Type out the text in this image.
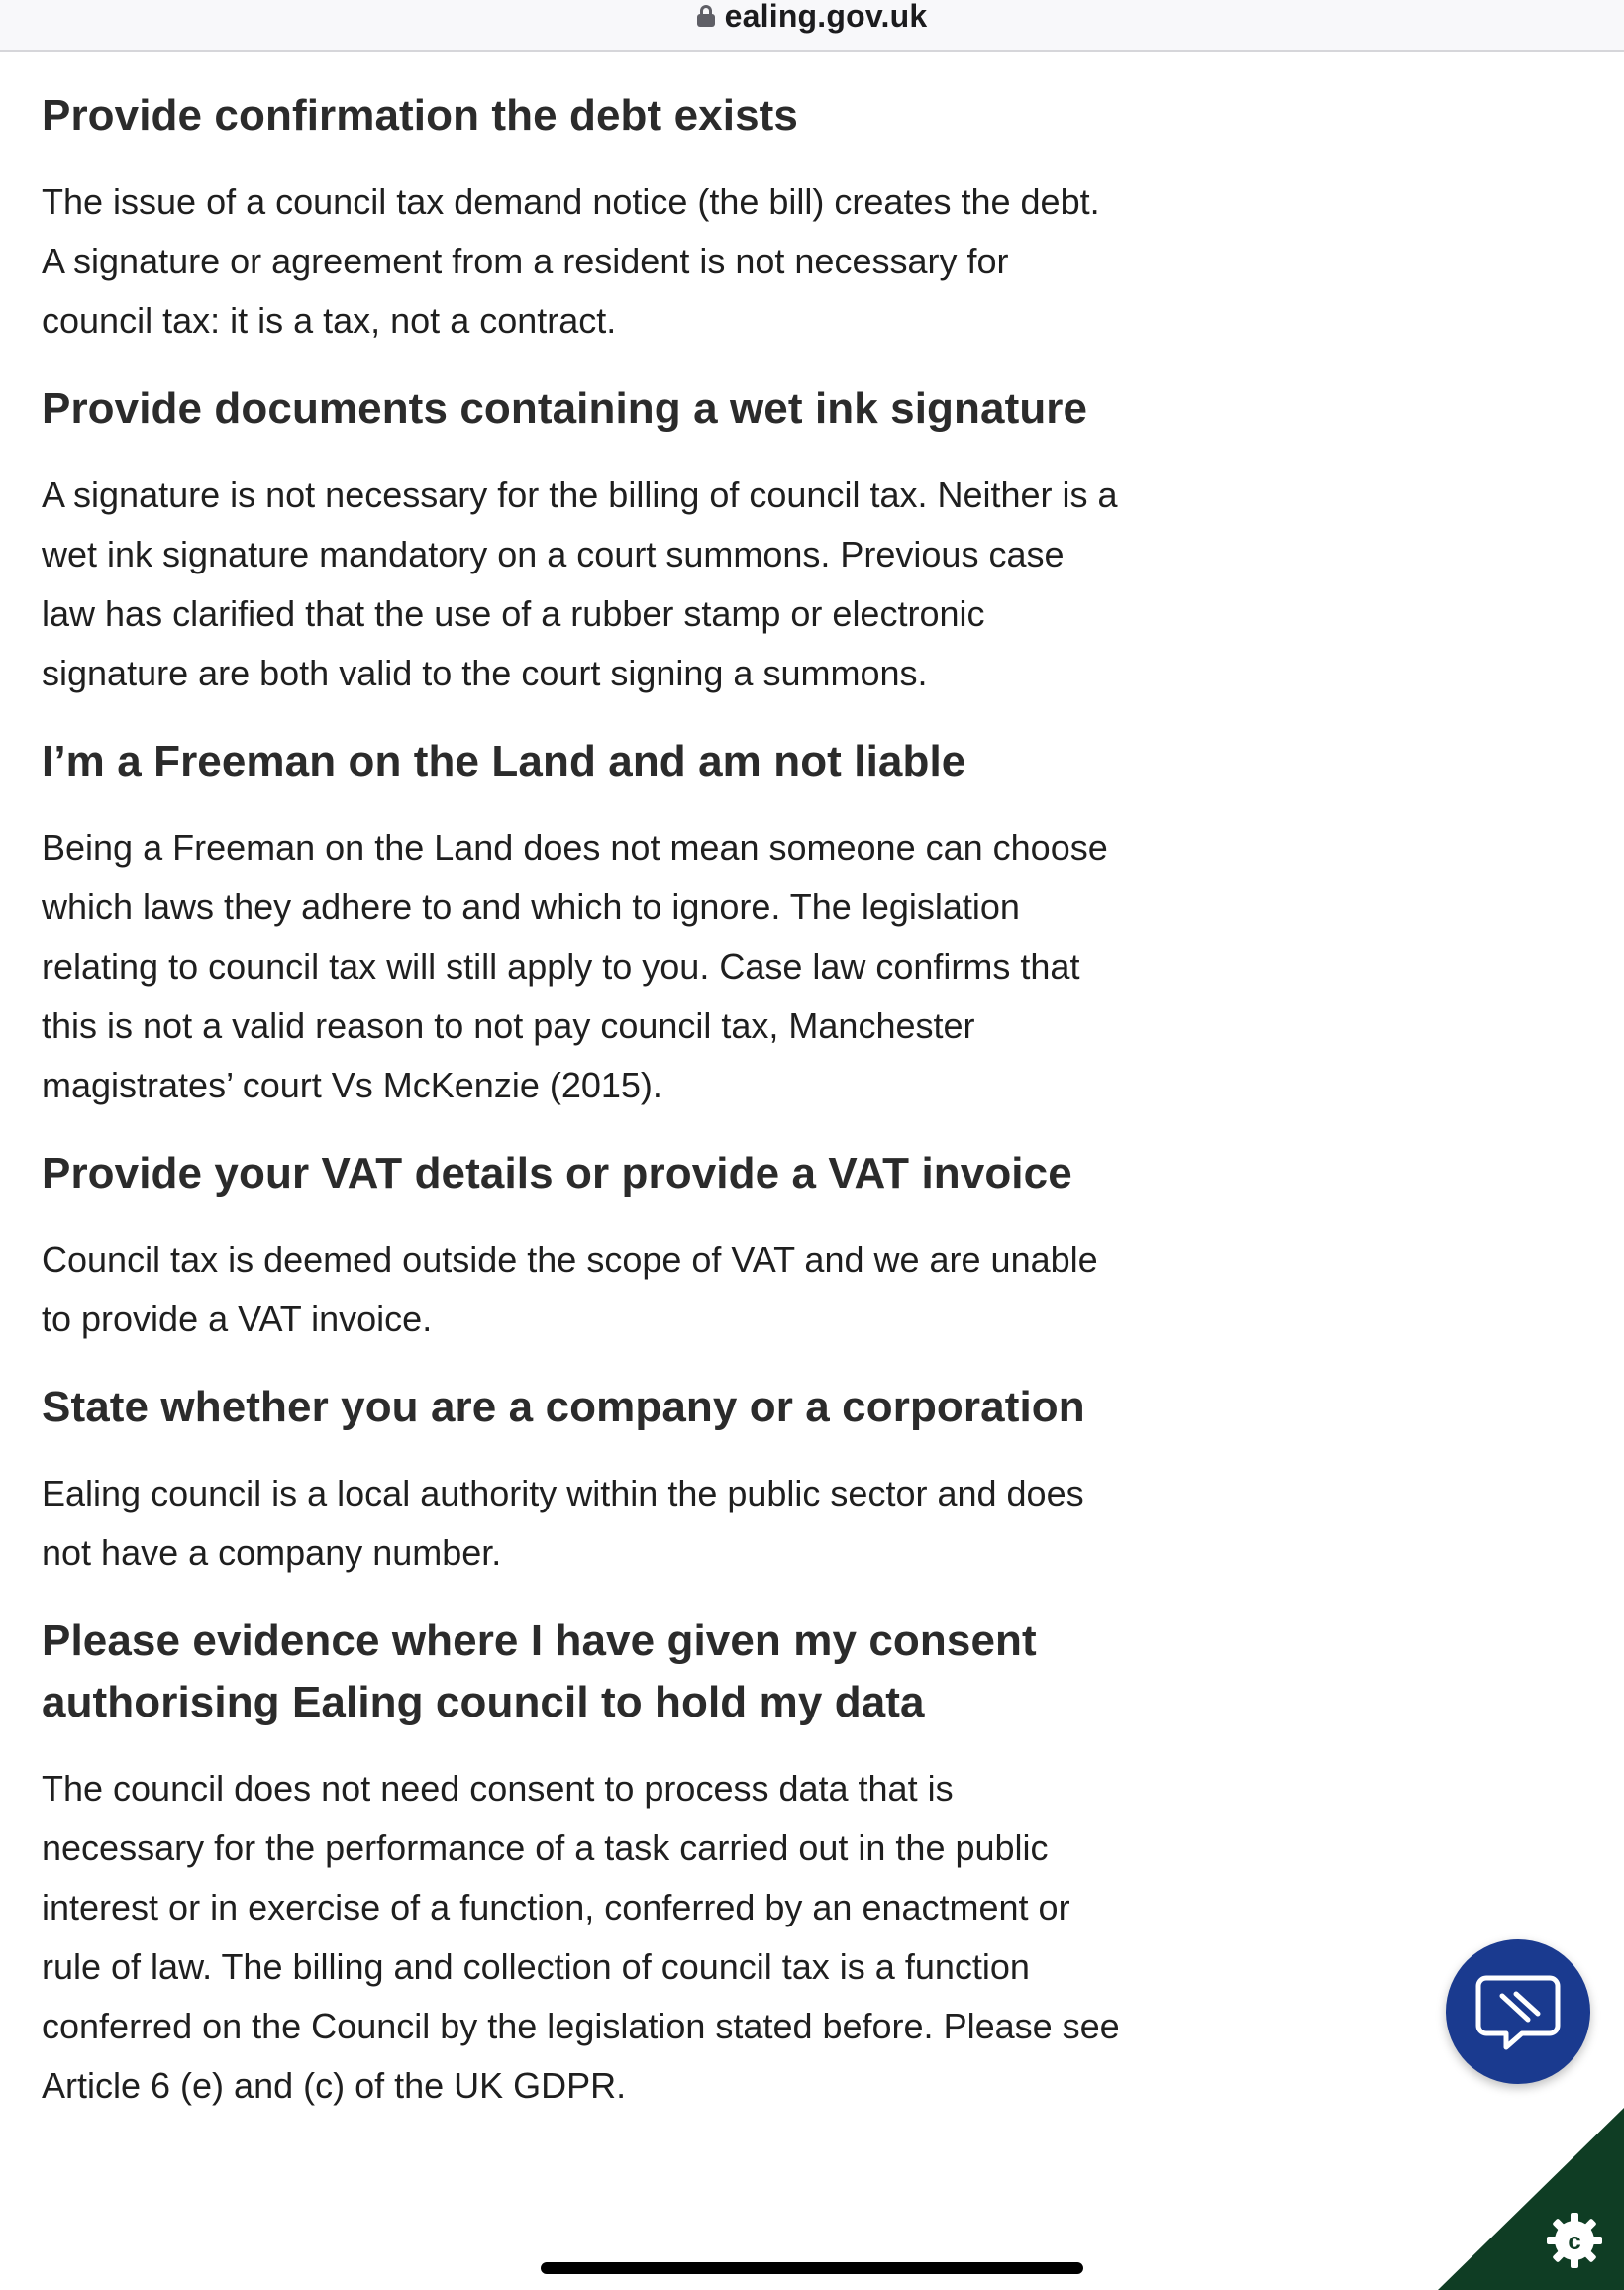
ealing.gov.uk
Provide confirmation the debt exists

The issue of a council tax demand notice (the bill) creates the debt. A signature or agreement from a resident is not necessary for council tax: it is a tax, not a contract.

Provide documents containing a wet ink signature

A signature is not necessary for the billing of council tax. Neither is a wet ink signature mandatory on a court summons. Previous case law has clarified that the use of a rubber stamp or electronic signature are both valid to the court signing a summons.

I’m a Freeman on the Land and am not liable

Being a Freeman on the Land does not mean someone can choose which laws they adhere to and which to ignore. The legislation relating to council tax will still apply to you. Case law confirms that this is not a valid reason to not pay council tax, Manchester magistrates’ court Vs McKenzie (2015).

Provide your VAT details or provide a VAT invoice

Council tax is deemed outside the scope of VAT and we are unable to provide a VAT invoice.

State whether you are a company or a corporation

Ealing council is a local authority within the public sector and does not have a company number.

Please evidence where I have given my consent authorising Ealing council to hold my data

The council does not need consent to process data that is necessary for the performance of a task carried out in the public interest or in exercise of a function, conferred by an enactment or rule of law. The billing and collection of council tax is a function conferred on the Council by the legislation stated before. Please see Article 6 (e) and (c) of the UK GDPR.

c
